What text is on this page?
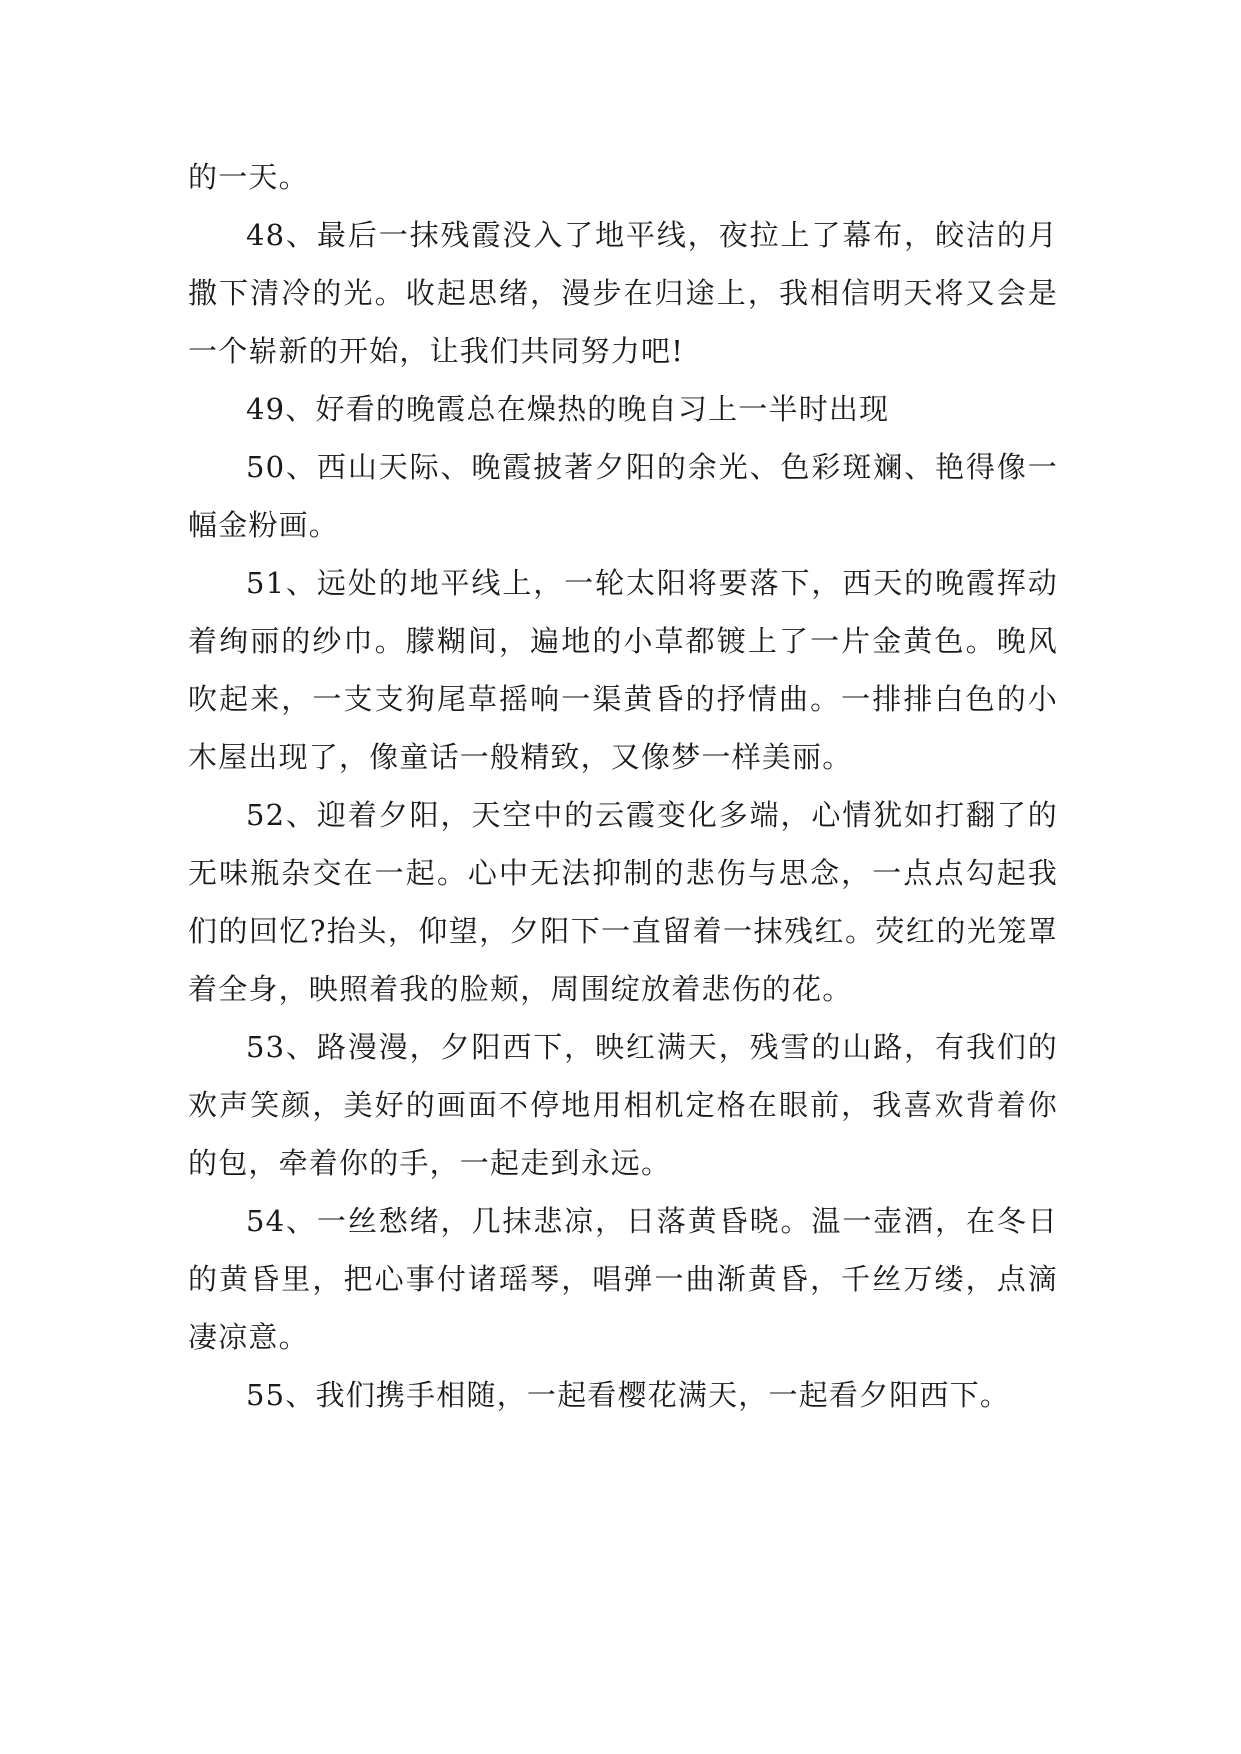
的一天。

48、最后一抹残霞没入了地平线，夜拉上了幕布，皎洁的月撒下清冷的光。收起思绪，漫步在归途上，我相信明天将又会是一个崭新的开始，让我们共同努力吧!

49、好看的晚霞总在燥热的晚自习上一半时出现

50、西山天际、晚霞披著夕阳的余光、色彩斑斓、艳得像一幅金粉画。

51、远处的地平线上，一轮太阳将要落下，西天的晚霞挥动着绚丽的纱巾。朦糊间，遍地的小草都镀上了一片金黄色。晚风吹起来，一支支狗尾草摇响一渠黄昏的抒情曲。一排排白色的小木屋出现了，像童话一般精致，又像梦一样美丽。

52、迎着夕阳，天空中的云霞变化多端，心情犹如打翻了的无味瓶杂交在一起。心中无法抑制的悲伤与思念，一点点勾起我们的回忆?抬头，仰望，夕阳下一直留着一抹残红。荧红的光笼罩着全身，映照着我的脸颊，周围绽放着悲伤的花。

53、路漫漫，夕阳西下，映红满天，残雪的山路，有我们的欢声笑颜，美好的画面不停地用相机定格在眼前，我喜欢背着你的包，牵着你的手，一起走到永远。

54、一丝愁绪，几抹悲凉，日落黄昏晓。温一壶酒，在冬日的黄昏里，把心事付诸瑶琴，唱弹一曲渐黄昏，千丝万缕，点滴凄凉意。

55、我们携手相随，一起看樱花满天，一起看夕阳西下。
